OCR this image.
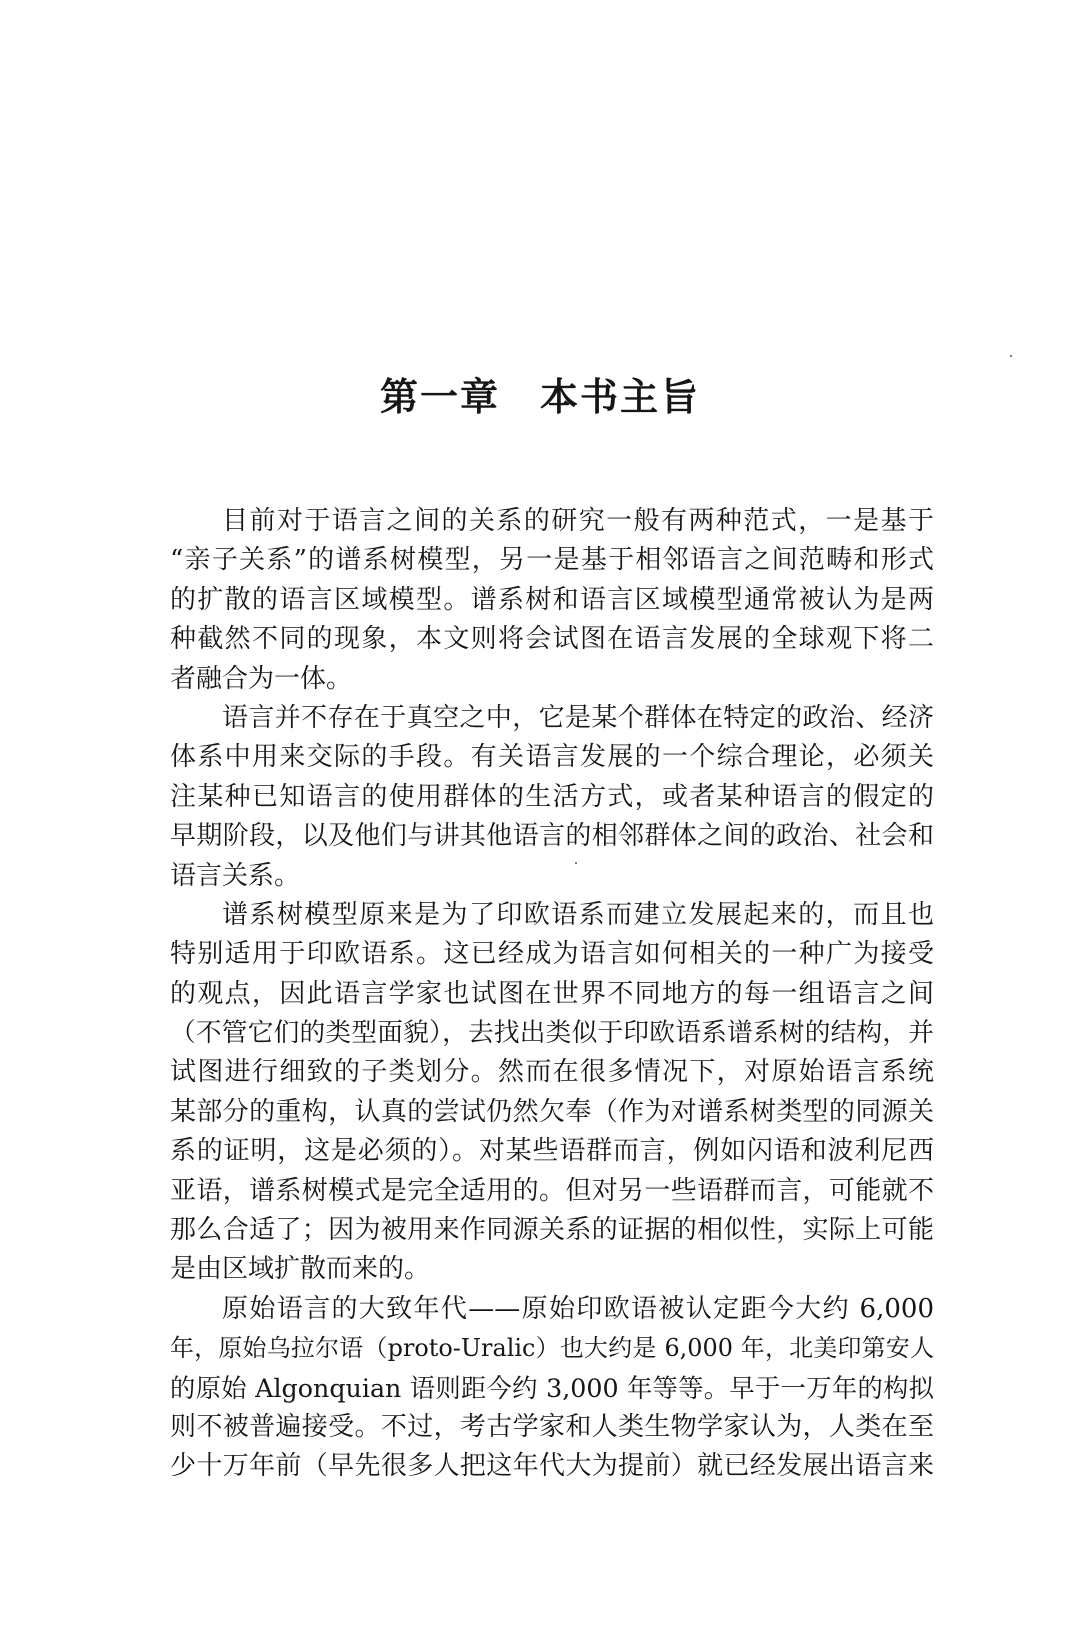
第一章　本书主旨
目前对于语言之间的关系的研究一般有两种范式，一是基于
“亲子关系”的谱系树模型，另一是基于相邻语言之间范畴和形式
的扩散的语言区域模型。谱系树和语言区域模型通常被认为是两
种截然不同的现象，本文则将会试图在语言发展的全球观下将二
者融合为一体。
语言并不存在于真空之中，它是某个群体在特定的政治、经济
体系中用来交际的手段。有关语言发展的一个综合理论，必须关
注某种已知语言的使用群体的生活方式，或者某种语言的假定的
早期阶段，以及他们与讲其他语言的相邻群体之间的政治、社会和
语言关系。
谱系树模型原来是为了印欧语系而建立发展起来的，而且也
特别适用于印欧语系。这已经成为语言如何相关的一种广为接受
的观点，因此语言学家也试图在世界不同地方的每一组语言之间
（不管它们的类型面貌），去找出类似于印欧语系谱系树的结构，并
试图进行细致的子类划分。然而在很多情况下，对原始语言系统
某部分的重构，认真的尝试仍然欠奉（作为对谱系树类型的同源关
系的证明，这是必须的）。对某些语群而言，例如闪语和波利尼西
亚语，谱系树模式是完全适用的。但对另一些语群而言，可能就不
那么合适了；因为被用来作同源关系的证据的相似性，实际上可能
是由区域扩散而来的。
原始语言的大致年代——原始印欧语被认定距今大约 6,000
年，原始乌拉尔语（proto-Uralic）也大约是 6,000 年，北美印第安人
的原始 Algonquian 语则距今约 3,000 年等等。早于一万年的构拟
则不被普遍接受。不过，考古学家和人类生物学家认为，人类在至
少十万年前（早先很多人把这年代大为提前）就已经发展出语言来
